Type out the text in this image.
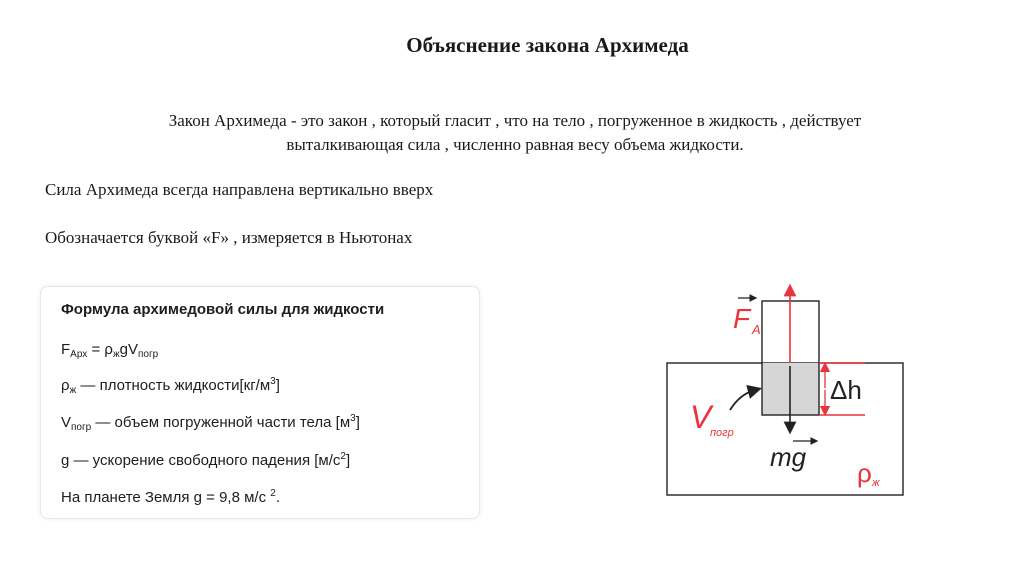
Объяснение закона Архимеда
Закон Архимеда - это закон , который гласит , что на тело , погруженное в жидкость , действует
выталкивающая сила , численно равная весу объема жидкости.
Сила Архимеда всегда направлена вертикально вверх
Обозначается буквой «F» , измеряется в Ньютонах
Формула архимедовой силы для жидкости
$F_{Арх} = \rho_жgV_{погр}$
$\rho_ж$ — плотность $жидкости[кг/м^3]$
$V_{погр}$ — объем погруженной части тела $[м^3]$
g — ускорение свободного падения $[м/с^2]$
На планете Земля g = 9,8 м/с $^2$.
Δh
F A
V
погр
mg
ρ ж
